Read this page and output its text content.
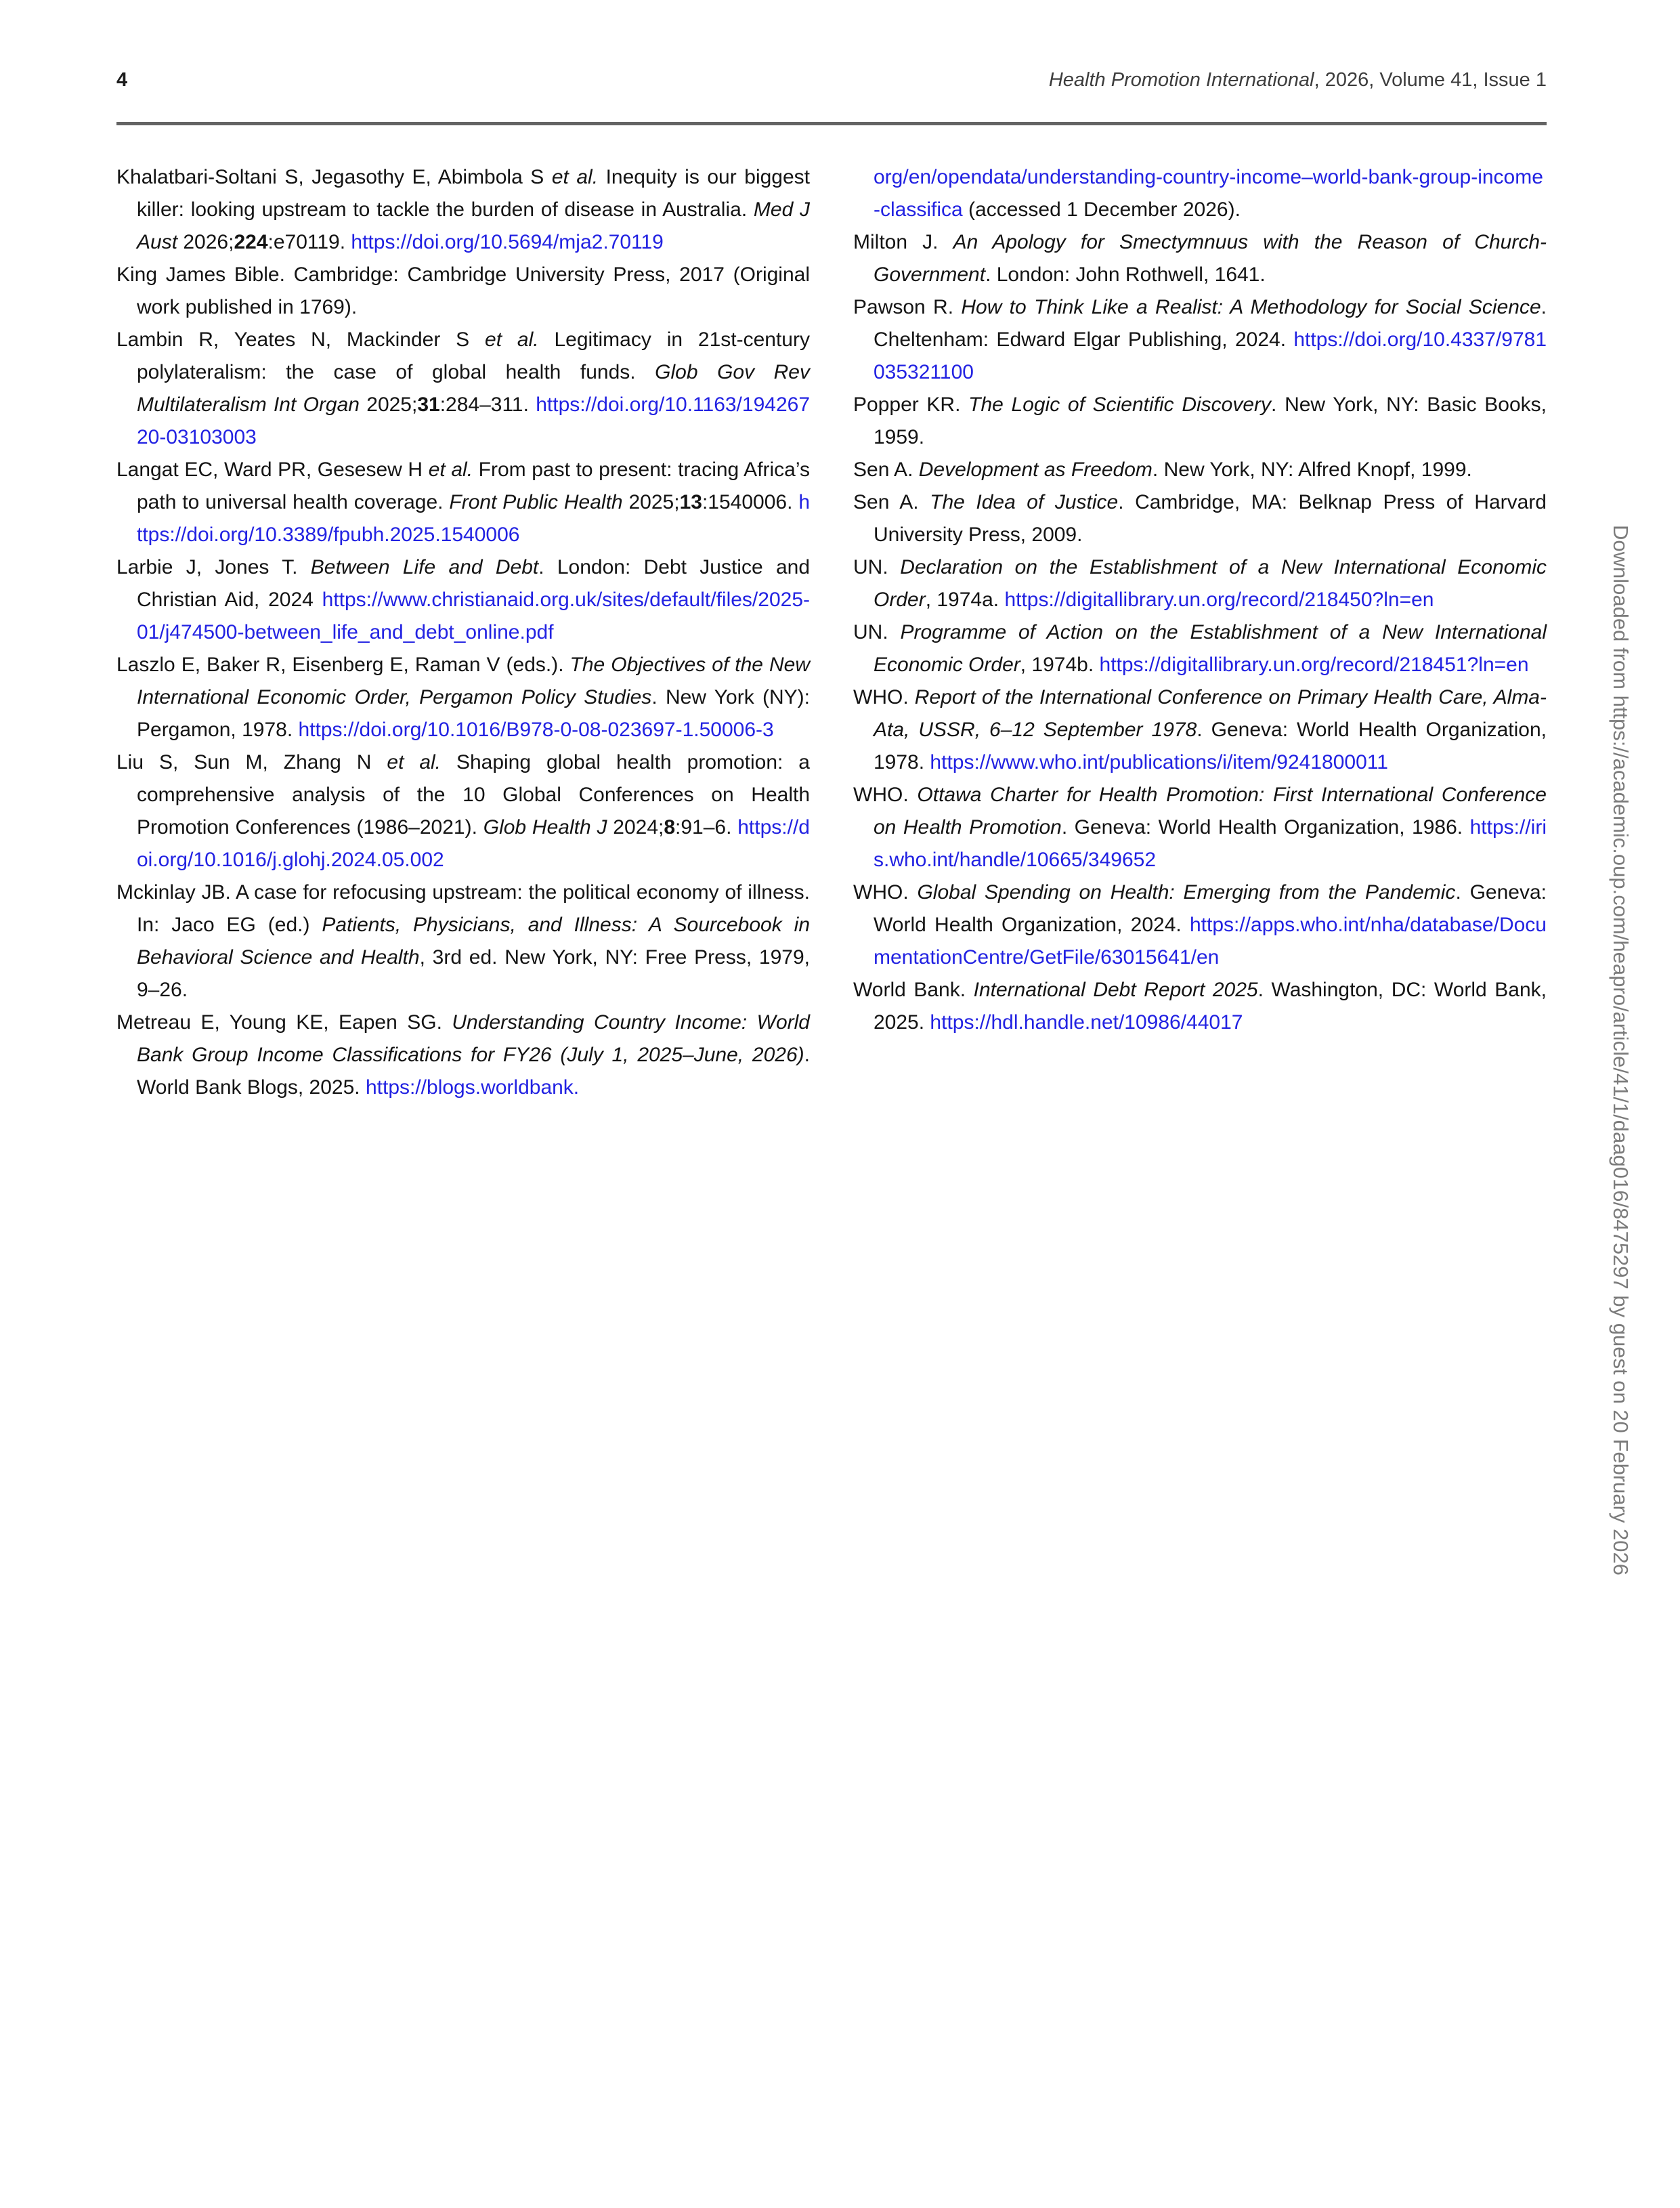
4	Health Promotion International, 2026, Volume 41, Issue 1

Khalatbari-Soltani S, Jegasothy E, Abimbola S et al. Inequity is our biggest killer: looking upstream to tackle the burden of disease in Australia. Med J Aust 2026;224:e70119. https://doi.org/10.5694/mja2.70119

King James Bible. Cambridge: Cambridge University Press, 2017 (Original work published in 1769).

Lambin R, Yeates N, Mackinder S et al. Legitimacy in 21st-century polylateralism: the case of global health funds. Glob Gov Rev Multilateralism Int Organ 2025;31:284–311. https://doi.org/10.1163/19426720-03103003

Langat EC, Ward PR, Gesesew H et al. From past to present: tracing Africa’s path to universal health coverage. Front Public Health 2025;13:1540006. https://doi.org/10.3389/fpubh.2025.1540006

Larbie J, Jones T. Between Life and Debt. London: Debt Justice and Christian Aid, 2024 https://www.christianaid.org.uk/sites/default/files/2025-01/j474500-between_life_and_debt_online.pdf

Laszlo E, Baker R, Eisenberg E, Raman V (eds.). The Objectives of the New International Economic Order, Pergamon Policy Studies. New York (NY): Pergamon, 1978. https://doi.org/10.1016/B978-0-08-023697-1.50006-3

Liu S, Sun M, Zhang N et al. Shaping global health promotion: a comprehensive analysis of the 10 Global Conferences on Health Promotion Conferences (1986–2021). Glob Health J 2024;8:91–6. https://doi.org/10.1016/j.glohj.2024.05.002

Mckinlay JB. A case for refocusing upstream: the political economy of illness. In: Jaco EG (ed.) Patients, Physicians, and Illness: A Sourcebook in Behavioral Science and Health, 3rd ed. New York, NY: Free Press, 1979, 9–26.

Metreau E, Young KE, Eapen SG. Understanding Country Income: World Bank Group Income Classifications for FY26 (July 1, 2025–June, 2026). World Bank Blogs, 2025. https://blogs.worldbank.

org/en/opendata/understanding-country-income–world-bank-group-income-classifica (accessed 1 December 2026).

Milton J. An Apology for Smectymnuus with the Reason of Church-Government. London: John Rothwell, 1641.

Pawson R. How to Think Like a Realist: A Methodology for Social Science. Cheltenham: Edward Elgar Publishing, 2024. https://doi.org/10.4337/9781035321100

Popper KR. The Logic of Scientific Discovery. New York, NY: Basic Books, 1959.

Sen A. Development as Freedom. New York, NY: Alfred Knopf, 1999.

Sen A. The Idea of Justice. Cambridge, MA: Belknap Press of Harvard University Press, 2009.

UN. Declaration on the Establishment of a New International Economic Order, 1974a. https://digitallibrary.un.org/record/218450?ln=en

UN. Programme of Action on the Establishment of a New International Economic Order, 1974b. https://digitallibrary.un.org/record/218451?ln=en

WHO. Report of the International Conference on Primary Health Care, Alma-Ata, USSR, 6–12 September 1978. Geneva: World Health Organization, 1978. https://www.who.int/publications/i/item/9241800011

WHO. Ottawa Charter for Health Promotion: First International Conference on Health Promotion. Geneva: World Health Organization, 1986. https://iris.who.int/handle/10665/349652

WHO. Global Spending on Health: Emerging from the Pandemic. Geneva: World Health Organization, 2024. https://apps.who.int/nha/database/DocumentationCentre/GetFile/63015641/en

World Bank. International Debt Report 2025. Washington, DC: World Bank, 2025. https://hdl.handle.net/10986/44017	Downloaded from https://academic.oup.com/heapro/article/41/1/daag016/8475297 by guest on 20 February 2026
